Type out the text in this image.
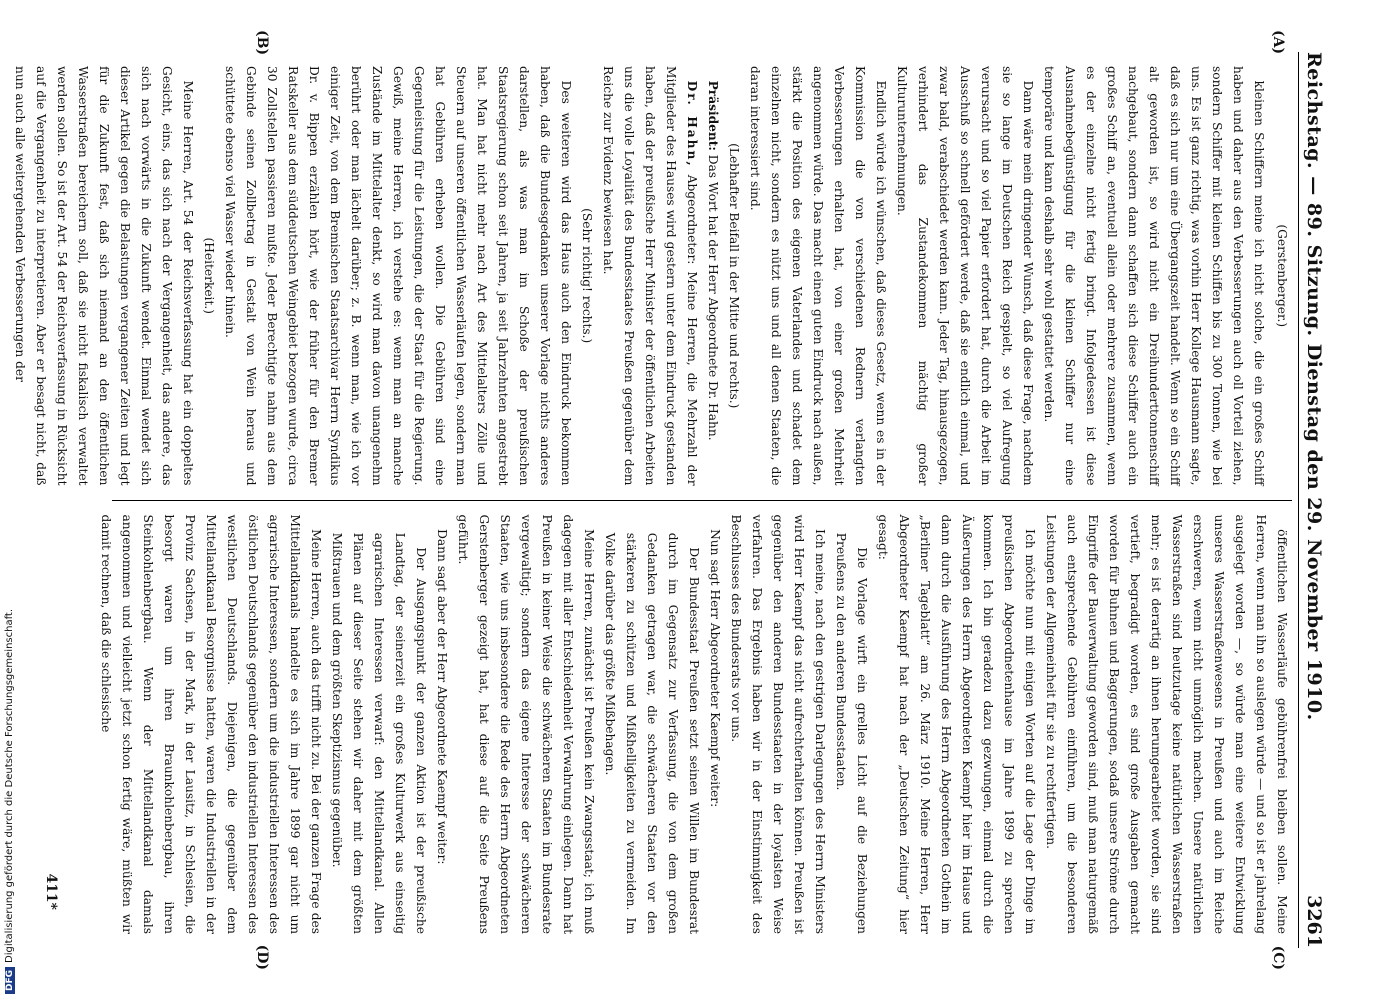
Reichstag. — 89. Sitzung. Dienstag den 29. November 1910.
3261
(A)
(B)

(Gerstenberger.)

kleinen Schiffern meine ich nicht solche, die ein großes Schiff haben und daher aus den Verbesserungen auch oll Vorteil ziehen, sondern Schiffer mit kleinen Schiffen bis zu 300 Tonnen, wie bei uns. Es ist ganz richtig, was vorhin Herr Kollege Hausmann sagte, daß es sich nur um eine Übergangszeit handelt. Wenn so ein Schiff alt geworden ist, so wird nicht ein Dreihunderttonnenschiff nachgebaut, sondern dann schaffen sich diese Schiffer auch ein großes Schiff an, eventuell allein oder mehrere zusammen, wenn es der einzelne nicht fertig bringt. Infolgedessen ist diese Ausnahmebegünstigung für die kleinen Schiffer nur eine temporäre und kann deshalb sehr wohl gestattet werden.

Dann wäre mein dringender Wunsch, daß diese Frage, nachdem sie so lange im Deutschen Reich gespielt, so viel Aufregung verursacht und so viel Papier erfordert hat, durch die Arbeit im Ausschuß so schnell gefördert werde, daß sie endlich einmal, und zwar bald, verabschiedet werden kann. Jeder Tag, hinausgezogen, verhindert das Zustandekommen mächtig großer Kulturunternehmungen.

Endlich würde ich wünschen, daß dieses Gesetz, wenn es in der Kommission die von verschiedenen Rednern verlangten Verbesserungen erhalten hat, von einer großen Mehrheit angenommen würde. Das macht einen guten Eindruck nach außen, stärkt die Position des eigenen Vaterlandes und schadet dem einzelnen nicht, sondern es nützt uns und all denen Staaten, die daran interessiert sind.

(Lebhafter Beifall in der Mitte und rechts.)

Präsident: Das Wort hat der Herr Abgeordnete Dr. Hahn.

Dr. Hahn, Abgeordneter: Meine Herren, die Mehrzahl der Mitglieder des Hauses wird gestern unter dem Eindruck gestanden haben, daß der preußische Herr Minister der öffentlichen Arbeiten uns die volle Loyalität des Bundesstaates Preußen gegenüber dem Reiche zur Evidenz bewiesen hat.

(Sehr richtig! rechts.)

Des weiteren wird das Haus auch den Eindruck bekommen haben, daß die Bundesgedanken unserer Vorlage nichts anderes darstellen, als was man im Schoße der preußischen Staatsregierung schon seit Jahren, ja seit Jahrzehnten angestrebt hat. Man hat nicht mehr nach Art des Mittelalters Zölle und Steuern auf unseren öffentlichen Wasserläufen legen, sondern man hat Gebühren erheben wollen. Die Gebühren sind eine Gegenleistung für die Leistungen, die der Staat für die Regierung. Gewiß, meine Herren, ich verstehe es: wenn man an manche Zustände im Mittelalter denkt, so wird man davon unangenehm berührt oder man lächelt darüber; z. B. wenn man, wie ich vor einiger Zeit, von dem Bremischen Staatsarchivar Herrn Syndikus Dr. v. Bippen erzählen hört, wie der früher für den Bremer Ratskeller aus dem süddeutschen Weingebiet bezogen wurde, circa 30 Zollstellen passieren mußte. Jeder Berechtigte nahm aus dem Gebinde seinen Zollbetrag in Gestalt von Wein heraus und schüttete ebenso viel Wasser wieder hinein.

(Heiterkeit.)

Meine Herren, Art. 54 der Reichsverfassung hat ein doppeltes Gesicht, eins, das sich nach der Vergangenheit, das andere, das sich nach vorwärts in die Zukunft wendet. Einmal wendet sich dieser Artikel gegen die Belastungen vergangener Zeiten und legt für die Zukunft fest, daß sich niemand an den öffentlichen Wasserstraßen bereichern soll, daß sie nicht fiskalisch verwaltet werden sollen. So ist der Art. 54 der Reichsverfassung in Rücksicht auf die Vergangenheit zu interpretieren. Aber er besagt nicht, daß nun auch alle weitergehenden Verbesserungen der

(C)
(D)

öffentlichen Wasserläufe gebührenfrei bleiben sollen. Meine Herren, wenn man ihn so auslegen würde — und so ist er jahrelang ausgelegt worden —, so würde man eine weitere Entwicklung unseres Wasserstraßenwesens in Preußen und auch im Reiche erschweren, wenn nicht unmöglich machen. Unsere natürlichen Wasserstraßen sind heutzutage keine natürlichen Wasserstraßen mehr; es ist derartig an ihnen herumgearbeitet worden, sie sind vertieft, begradigt worden, es sind große Ausgaben gemacht worden für Buhnen und Baggerungen, sodaß unsere Ströme durch Eingriffe der Bauverwaltung geworden sind, muß man naturgemäß auch entsprechende Gebühren einführen, um die besonderen Leistungen der Allgemeinheit für sie zu rechtfertigen.

Ich möchte nun mit einigen Worten auf die Lage der Dinge im preußischen Abgeordnetenhause im Jahre 1899 zu sprechen kommen. Ich bin geradezu dazu gezwungen, einmal durch die Äußerungen des Herrn Abgeordneten Kaempf hier im Hause und dann durch die Ausführung des Herrn Abgeordneten Gothein im „Berliner Tageblatt“ am 26. März 1910. Meine Herren, Herr Abgeordneter Kaempf hat nach der „Deutschen Zeitung“ hier gesagt:

Die Vorlage wirft ein grelles Licht auf die Beziehungen Preußens zu den anderen Bundesstaaten.

Ich meine, nach den gestrigen Darlegungen des Herrn Ministers wird Herr Kaempf das nicht aufrechterhalten können. Preußen ist gegenüber den anderen Bundesstaaten in der loyalsten Weise verfahren. Das Ergebnis haben wir in der Einstimmigkeit des Beschlusses des Bundesrats vor uns.

Nun sagt Herr Abgeordneter Kaempf weiter:

Der Bundesstaat Preußen setzt seinen Willen im Bundesrat durch im Gegensatz zur Verfassung, die von dem großen Gedanken getragen war, die schwächeren Staaten vor den stärkeren zu schützen und Mißhelligkeiten zu vermeiden. Im Volke darüber das größte Mißbehagen.

Meine Herren, zunächst ist Preußen kein Zwangsstaat; ich muß dagegen mit aller Entschiedenheit Verwahrung einlegen. Dann hat Preußen in keiner Weise die schwächeren Staaten im Bundesrate vergewaltigt; sondern das eigene Interesse der schwächeren Staaten, wie uns insbesondere die Rede des Herrn Abgeordneten Gerstenberger gezeigt hat, hat diese auf die Seite Preußens geführt.

Dann sagt aber der Herr Abgeordnete Kaempf weiter:

Der Ausgangspunkt der ganzen Aktion ist der preußische Landtag, der seinerzeit ein großes Kulturwerk aus einseitig agrarischen Interessen verwarf: den Mittellandkanal. Allen Plänen auf dieser Seite stehen wir daher mit dem größten Mißtrauen und dem größten Skeptizismus gegenüber.

Meine Herren, auch das trifft nicht zu. Bei der ganzen Frage des Mittellandkanals handelte es sich im Jahre 1899 gar nicht um agrarische Interessen, sondern um die industriellen Interessen des östlichen Deutschlands gegenüber den industriellen Interessen des westlichen Deutschlands. Diejenigen, die gegenüber dem Mittellandkanal Besorgnisse hatten, waren die Industriellen in der Provinz Sachsen, in der Mark, in der Lausitz, in Schlesien, die besorgt waren um ihren Braunkohlenbergbau, ihren Steinkohlenbergbau. Wenn der Mittellandkanal damals angenommen und vielleicht jetzt schon fertig wäre, müßten wir damit rechnen, daß die schlesische

411*
DFGDigitalisierung gefördert durch die Deutsche Forschungsgemeinschaft.
